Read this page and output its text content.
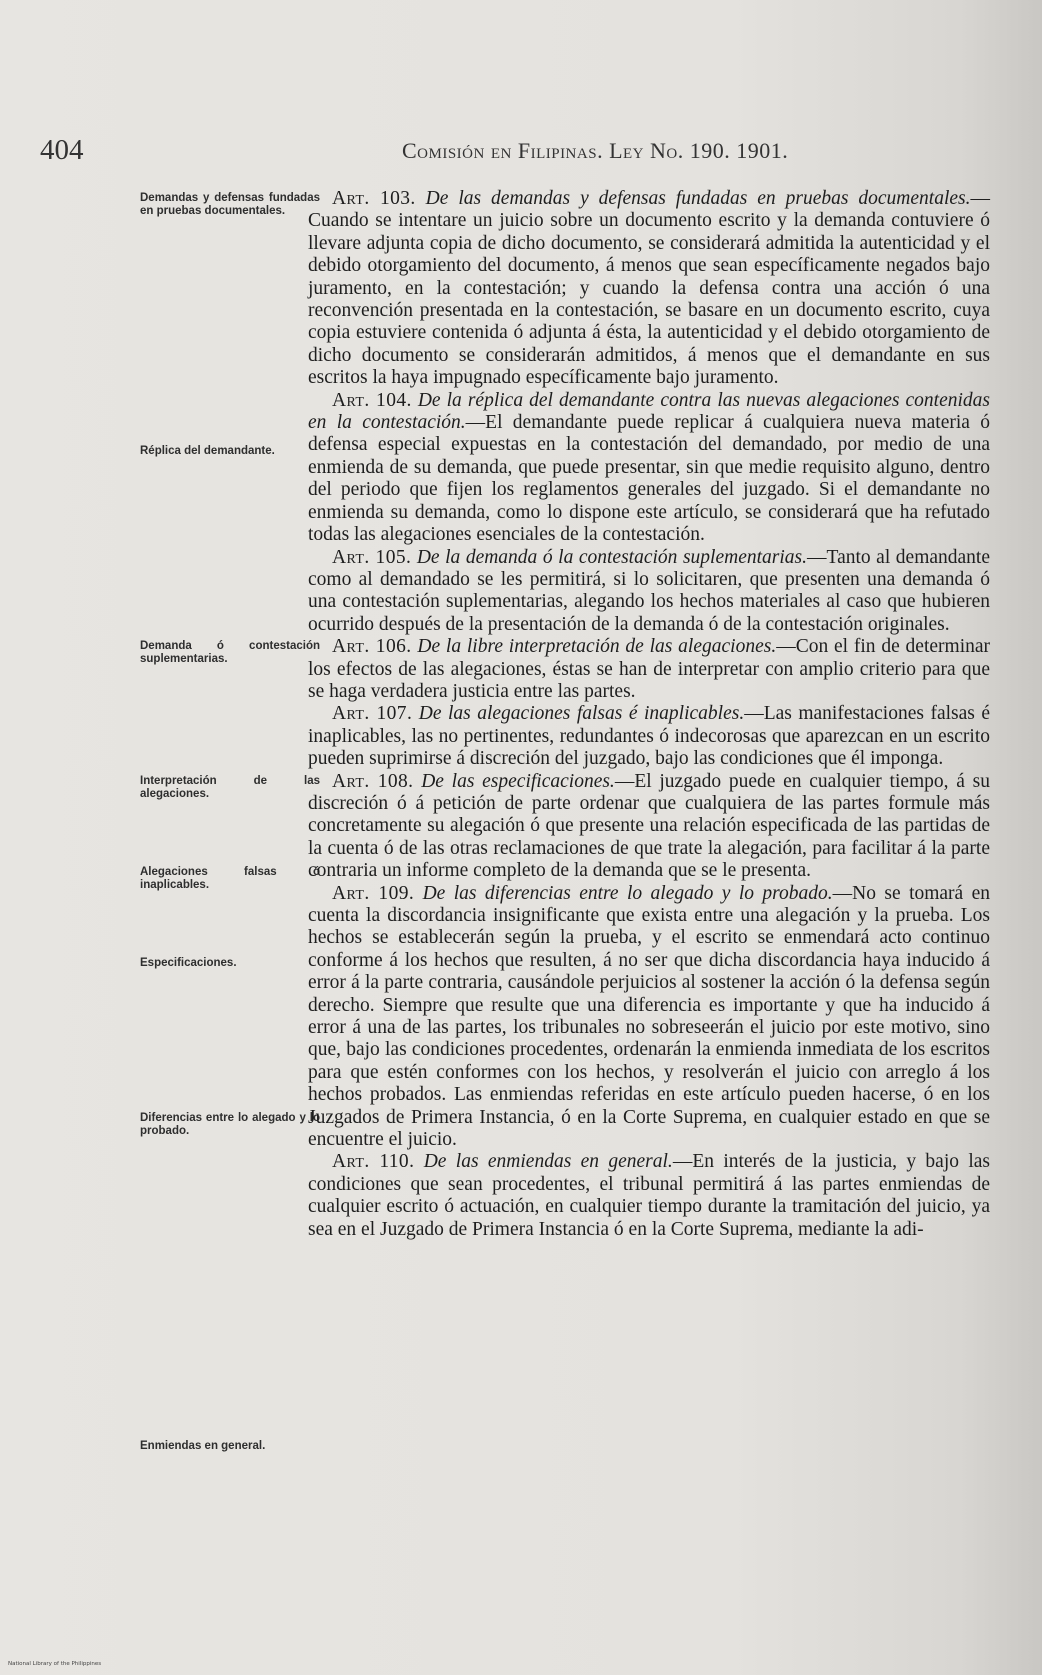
404	Comisión en Filipinas. Ley No. 190. 1901.
Demandas y defensas fundadas en pruebas documentales.
Réplica del demandante.
Demanda ó contestación suplementarias.
Interpretación de las alegaciones.
Alegaciones falsas ó inaplicables.
Especificaciones.
Diferencias entre lo alegado y lo probado.
Enmiendas en general.

Art. 103. De las demandas y defensas fundadas en pruebas documentales.—Cuando se intentare un juicio sobre un documento escrito y la demanda contuviere ó llevare adjunta copia de dicho documento, se considerará admitida la autenticidad y el debido otorgamiento del documento, á menos que sean específicamente negados bajo juramento, en la contestación; y cuando la defensa contra una acción ó una reconvención presentada en la contestación, se basare en un documento escrito, cuya copia estuviere contenida ó adjunta á ésta, la autenticidad y el debido otorgamiento de dicho documento se considerarán admitidos, á menos que el demandante en sus escritos la haya impugnado específicamente bajo juramento.

Art. 104. De la réplica del demandante contra las nuevas alegaciones contenidas en la contestación.—El demandante puede replicar á cualquiera nueva materia ó defensa especial expuestas en la contestación del demandado, por medio de una enmienda de su demanda, que puede presentar, sin que medie requisito alguno, dentro del periodo que fijen los reglamentos generales del juzgado. Si el demandante no enmienda su demanda, como lo dispone este artículo, se considerará que ha refutado todas las alegaciones esenciales de la contestación.

Art. 105. De la demanda ó la contestación suplementarias.—Tanto al demandante como al demandado se les permitirá, si lo solicitaren, que presenten una demanda ó una contestación suplementarias, alegando los hechos materiales al caso que hubieren ocurrido después de la presentación de la demanda ó de la contestación originales.

Art. 106. De la libre interpretación de las alegaciones.—Con el fin de determinar los efectos de las alegaciones, éstas se han de interpretar con amplio criterio para que se haga verdadera justicia entre las partes.

Art. 107. De las alegaciones falsas é inaplicables.—Las manifestaciones falsas é inaplicables, las no pertinentes, redundantes ó indecorosas que aparezcan en un escrito pueden suprimirse á discreción del juzgado, bajo las condiciones que él imponga.

Art. 108. De las especificaciones.—El juzgado puede en cualquier tiempo, á su discreción ó á petición de parte ordenar que cualquiera de las partes formule más concretamente su alegación ó que presente una relación especificada de las partidas de la cuenta ó de las otras reclamaciones de que trate la alegación, para facilitar á la parte contraria un informe completo de la demanda que se le presenta.

Art. 109. De las diferencias entre lo alegado y lo probado.—No se tomará en cuenta la discordancia insignificante que exista entre una alegación y la prueba. Los hechos se establecerán según la prueba, y el escrito se enmendará acto continuo conforme á los hechos que resulten, á no ser que dicha discordancia haya inducido á error á la parte contraria, causándole perjuicios al sostener la acción ó la defensa según derecho. Siempre que resulte que una diferencia es importante y que ha inducido á error á una de las partes, los tribunales no sobreseerán el juicio por este motivo, sino que, bajo las condiciones procedentes, ordenarán la enmienda inmediata de los escritos para que estén conformes con los hechos, y resolverán el juicio con arreglo á los hechos probados. Las enmiendas referidas en este artículo pueden hacerse, ó en los Juzgados de Primera Instancia, ó en la Corte Suprema, en cualquier estado en que se encuentre el juicio.

Art. 110. De las enmiendas en general.—En interés de la justicia, y bajo las condiciones que sean procedentes, el tribunal permitirá á las partes enmiendas de cualquier escrito ó actuación, en cualquier tiempo durante la tramitación del juicio, ya sea en el Juzgado de Primera Instancia ó en la Corte Suprema, mediante la adi-

National Library of the Philippines
